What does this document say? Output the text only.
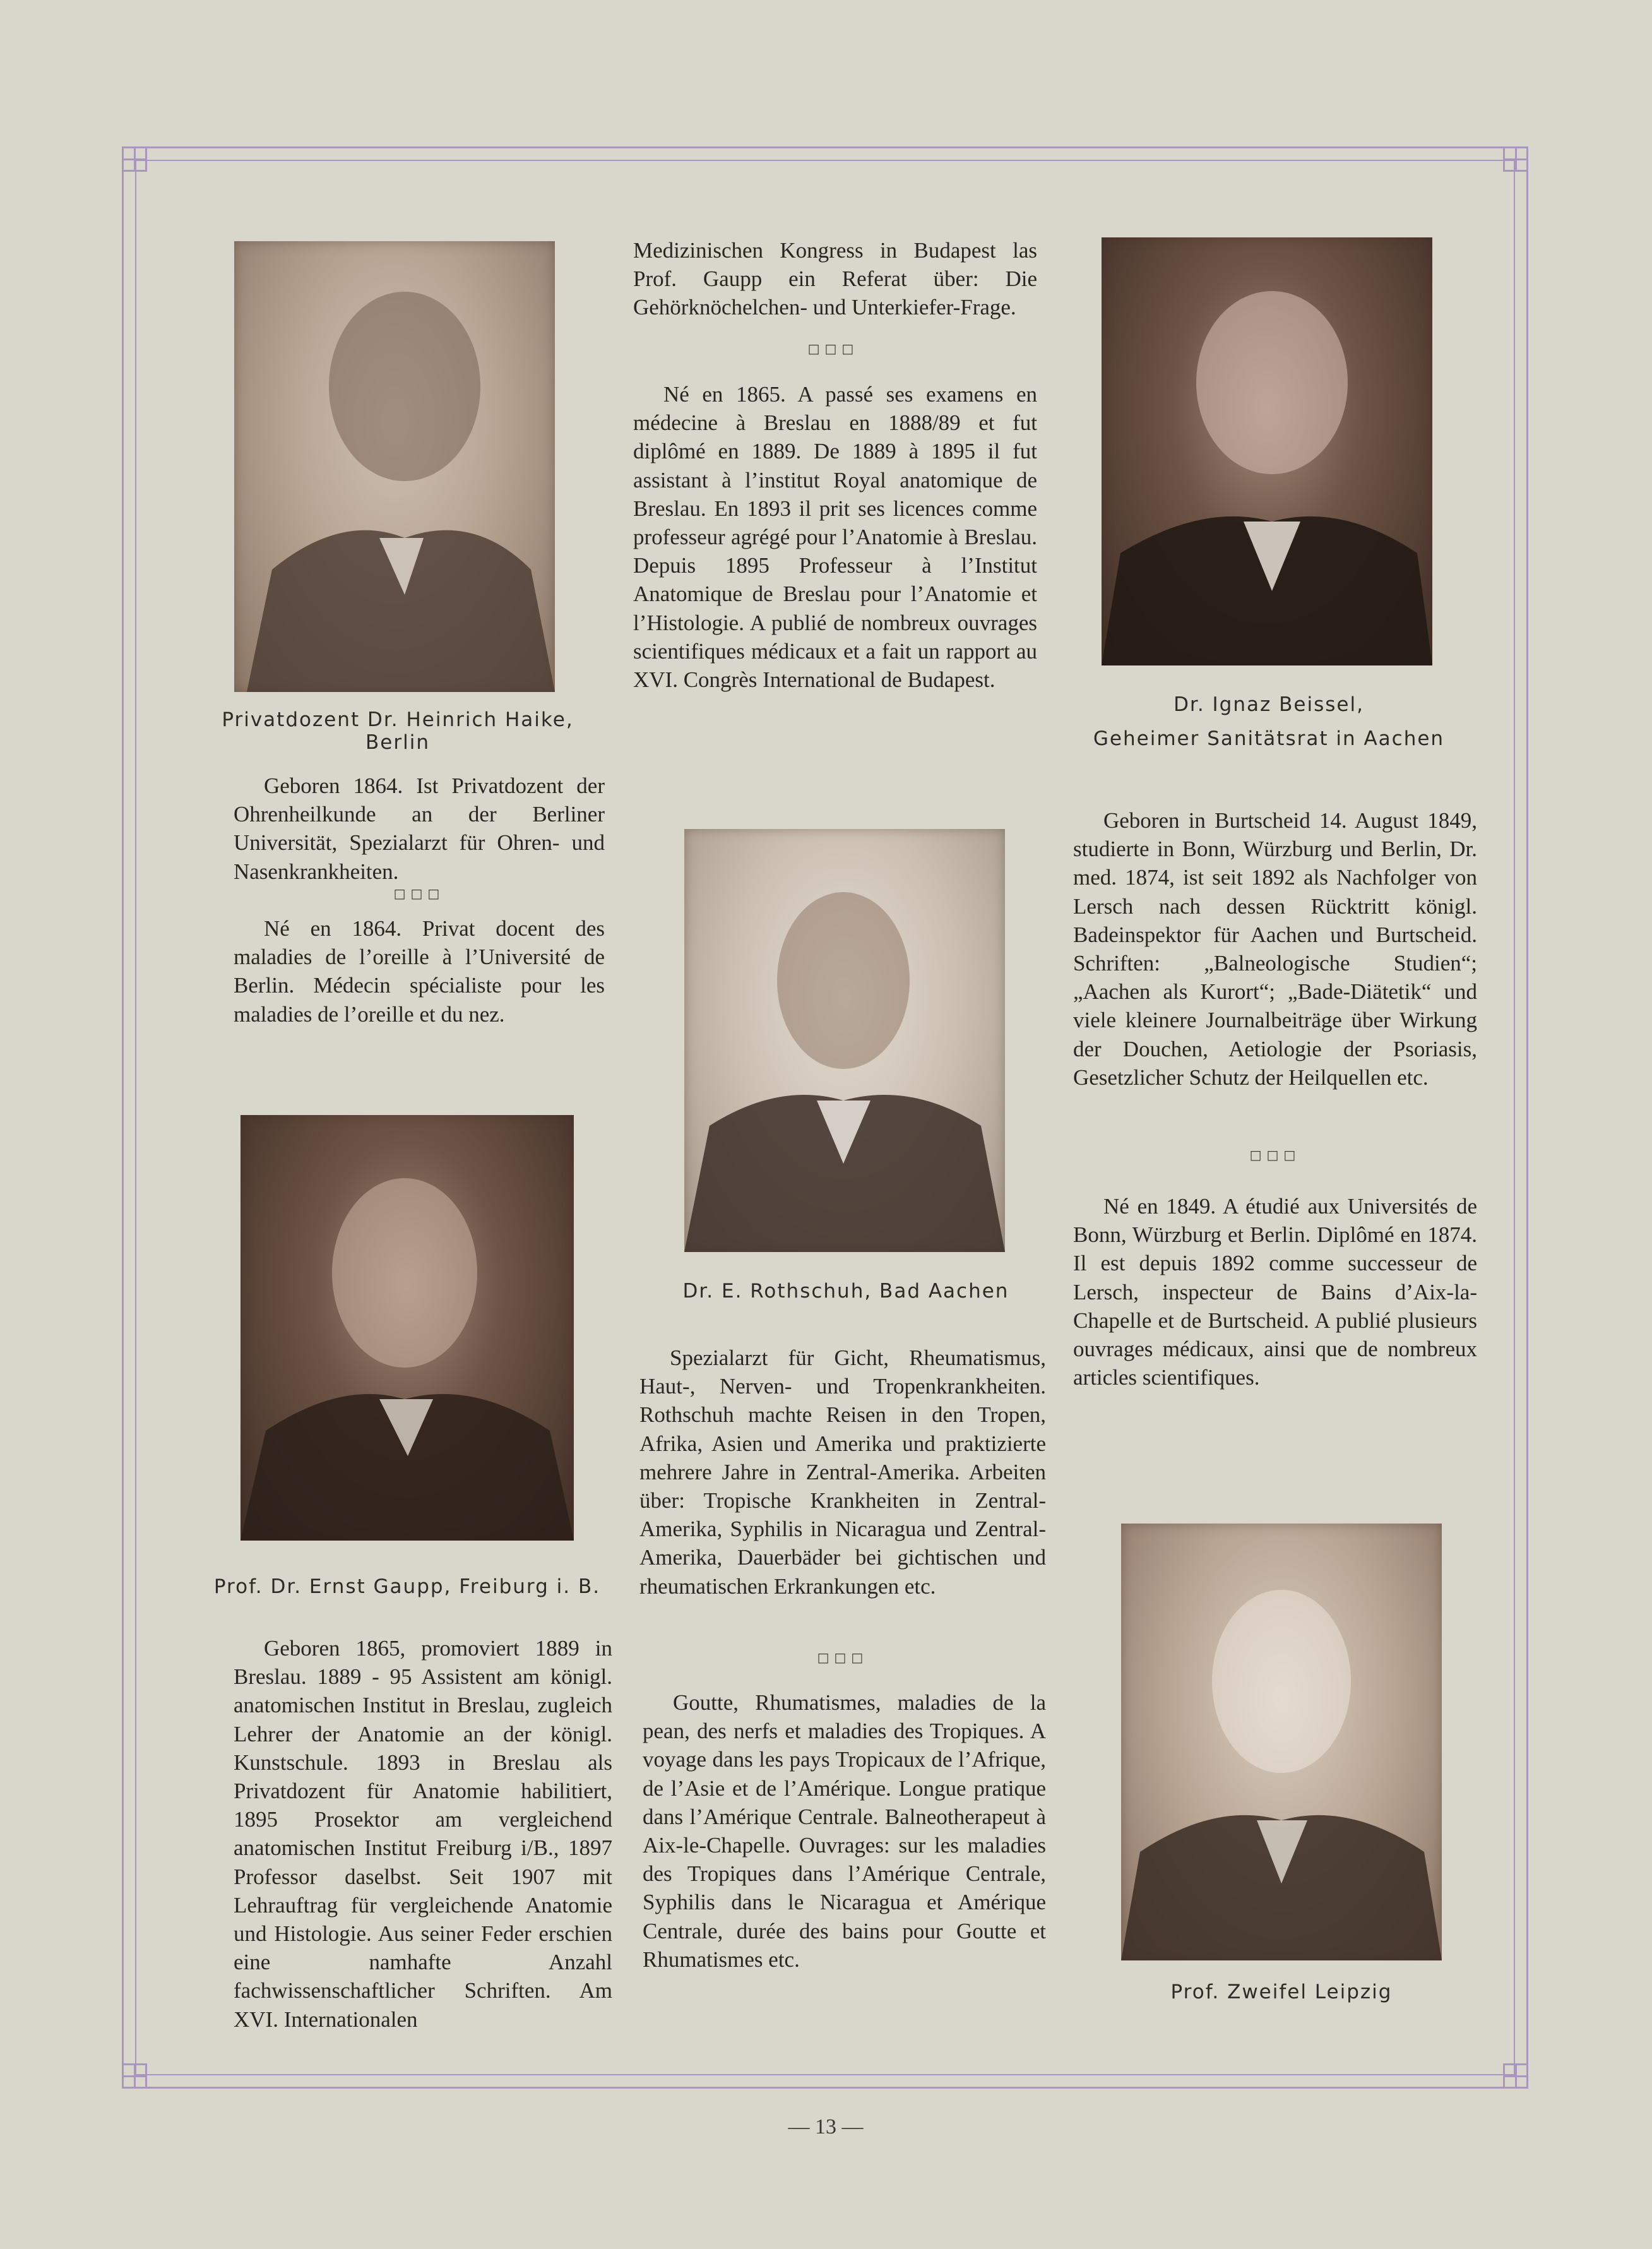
Privatdozent Dr. Heinrich Haike, Berlin

Geboren 1864. Ist Privatdozent der Ohrenheilkunde an der Berliner Universität, Spezialarzt für Ohren- und Nasenkrankheiten.

□□□

Né en 1864. Privat docent des maladies de l’oreille à l’Université de Berlin. Médecin spécialiste pour les maladies de l’oreille et du nez.

Prof. Dr. Ernst Gaupp, Freiburg i. B.

Geboren 1865, promoviert 1889 in Breslau. 1889 - 95 Assistent am königl. anatomischen Institut in Breslau, zugleich Lehrer der Anatomie an der königl. Kunstschule. 1893 in Breslau als Privatdozent für Anatomie habilitiert, 1895 Prosektor am vergleichend anatomischen Institut Freiburg i/B., 1897 Professor daselbst. Seit 1907 mit Lehrauftrag für vergleichende Anatomie und Histologie. Aus seiner Feder erschien eine namhafte Anzahl fachwissenschaftlicher Schriften. Am XVI. Internationalen

Medizinischen Kongress in Budapest las Prof. Gaupp ein Referat über: Die Gehörknöchelchen- und Unterkiefer-Frage.

□□□

Né en 1865. A passé ses examens en médecine à Breslau en 1888/89 et fut diplômé en 1889. De 1889 à 1895 il fut assistant à l’institut Royal anatomique de Breslau. En 1893 il prit ses licences comme professeur agrégé pour l’Anatomie à Breslau. Depuis 1895 Professeur à l’Institut Anatomique de Breslau pour l’Anatomie et l’Histologie. A publié de nombreux ouvrages scientifiques médicaux et a fait un rapport au XVI. Congrès International de Budapest.

Dr. E. Rothschuh, Bad Aachen

Spezialarzt für Gicht, Rheumatismus, Haut-, Nerven- und Tropenkrankheiten. Rothschuh machte Reisen in den Tropen, Afrika, Asien und Amerika und praktizierte mehrere Jahre in Zentral-Amerika. Arbeiten über: Tropische Krankheiten in Zentral-Amerika, Syphilis in Nicaragua und Zentral-Amerika, Dauerbäder bei gichtischen und rheumatischen Erkrankungen etc.

□□□

Goutte, Rhumatismes, maladies de la pean, des nerfs et maladies des Tropiques. A voyage dans les pays Tropicaux de l’Afrique, de l’Asie et de l’Amérique. Longue pratique dans l’Amérique Centrale. Balneotherapeut à Aix-le-Chapelle. Ouvrages: sur les maladies des Tropiques dans l’Amérique Centrale, Syphilis dans le Nicaragua et Amérique Centrale, durée des bains pour Goutte et Rhumatismes etc.

Dr. Ignaz Beissel,
Geheimer Sanitätsrat in Aachen

Geboren in Burtscheid 14. August 1849, studierte in Bonn, Würzburg und Berlin, Dr. med. 1874, ist seit 1892 als Nachfolger von Lersch nach dessen Rücktritt königl. Badeinspektor für Aachen und Burtscheid. Schriften: „Balneologische Studien“; „Aachen als Kurort“; „Bade-Diätetik“ und viele kleinere Journalbeiträge über Wirkung der Douchen, Aetiologie der Psoriasis, Gesetzlicher Schutz der Heilquellen etc.

□□□

Né en 1849. A étudié aux Universités de Bonn, Würzburg et Berlin. Diplômé en 1874. Il est depuis 1892 comme successeur de Lersch, inspecteur de Bains d’Aix-la-Chapelle et de Burtscheid. A publié plusieurs ouvrages médicaux, ainsi que de nombreux articles scientifiques.

Prof. Zweifel Leipzig
— 13 —
